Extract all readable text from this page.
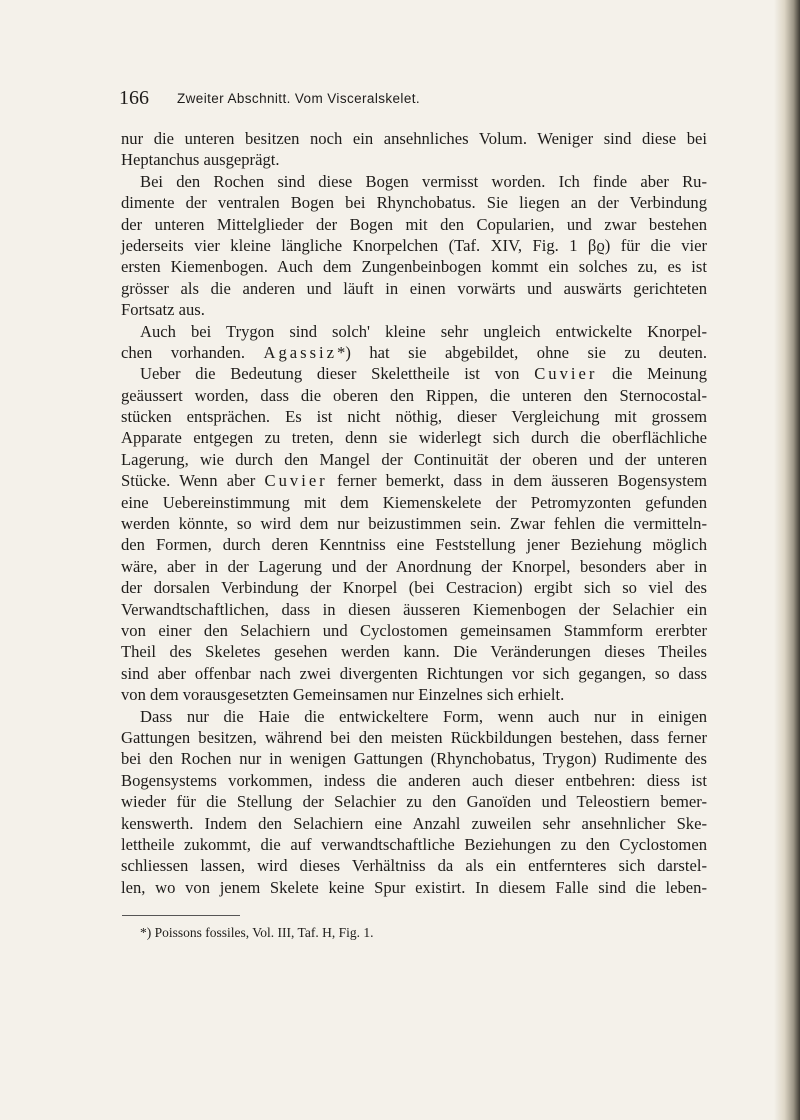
166 Zweiter Abschnitt. Vom Visceralskelet.
nur die unteren besitzen noch ein ansehnliches Volum. Weniger sind diese bei
Heptanchus ausgeprägt.
Bei den Rochen sind diese Bogen vermisst worden. Ich finde aber Ru-
dimente der ventralen Bogen bei Rhynchobatus. Sie liegen an der Verbindung
der unteren Mittelglieder der Bogen mit den Copularien, und zwar bestehen
jederseits vier kleine längliche Knorpelchen (Taf. XIV, Fig. 1 βϱ) für die vier
ersten Kiemenbogen. Auch dem Zungenbeinbogen kommt ein solches zu, es ist
grösser als die anderen und läuft in einen vorwärts und auswärts gerichteten
Fortsatz aus.
Auch bei Trygon sind solch' kleine sehr ungleich entwickelte Knorpel-
chen vorhanden. Agassiz*) hat sie abgebildet, ohne sie zu deuten.
Ueber die Bedeutung dieser Skelettheile ist von Cuvier die Meinung
geäussert worden, dass die oberen den Rippen, die unteren den Sternocostal-
stücken entsprächen. Es ist nicht nöthig, dieser Vergleichung mit grossem
Apparate entgegen zu treten, denn sie widerlegt sich durch die oberflächliche
Lagerung, wie durch den Mangel der Continuität der oberen und der unteren
Stücke. Wenn aber Cuvier ferner bemerkt, dass in dem äusseren Bogensystem
eine Uebereinstimmung mit dem Kiemenskelete der Petromyzonten gefunden
werden könnte, so wird dem nur beizustimmen sein. Zwar fehlen die vermitteln-
den Formen, durch deren Kenntniss eine Feststellung jener Beziehung möglich
wäre, aber in der Lagerung und der Anordnung der Knorpel, besonders aber in
der dorsalen Verbindung der Knorpel (bei Cestracion) ergibt sich so viel des
Verwandtschaftlichen, dass in diesen äusseren Kiemenbogen der Selachier ein
von einer den Selachiern und Cyclostomen gemeinsamen Stammform ererbter
Theil des Skeletes gesehen werden kann. Die Veränderungen dieses Theiles
sind aber offenbar nach zwei divergenten Richtungen vor sich gegangen, so dass
von dem vorausgesetzten Gemeinsamen nur Einzelnes sich erhielt.
Dass nur die Haie die entwickeltere Form, wenn auch nur in einigen
Gattungen besitzen, während bei den meisten Rückbildungen bestehen, dass ferner
bei den Rochen nur in wenigen Gattungen (Rhynchobatus, Trygon) Rudimente des
Bogensystems vorkommen, indess die anderen auch dieser entbehren: diess ist
wieder für die Stellung der Selachier zu den Ganoïden und Teleostiern bemer-
kenswerth. Indem den Selachiern eine Anzahl zuweilen sehr ansehnlicher Ske-
lettheile zukommt, die auf verwandtschaftliche Beziehungen zu den Cyclostomen
schliessen lassen, wird dieses Verhältniss da als ein entfernteres sich darstel-
len, wo von jenem Skelete keine Spur existirt. In diesem Falle sind die leben-
*) Poissons fossiles, Vol. III, Taf. H, Fig. 1.
